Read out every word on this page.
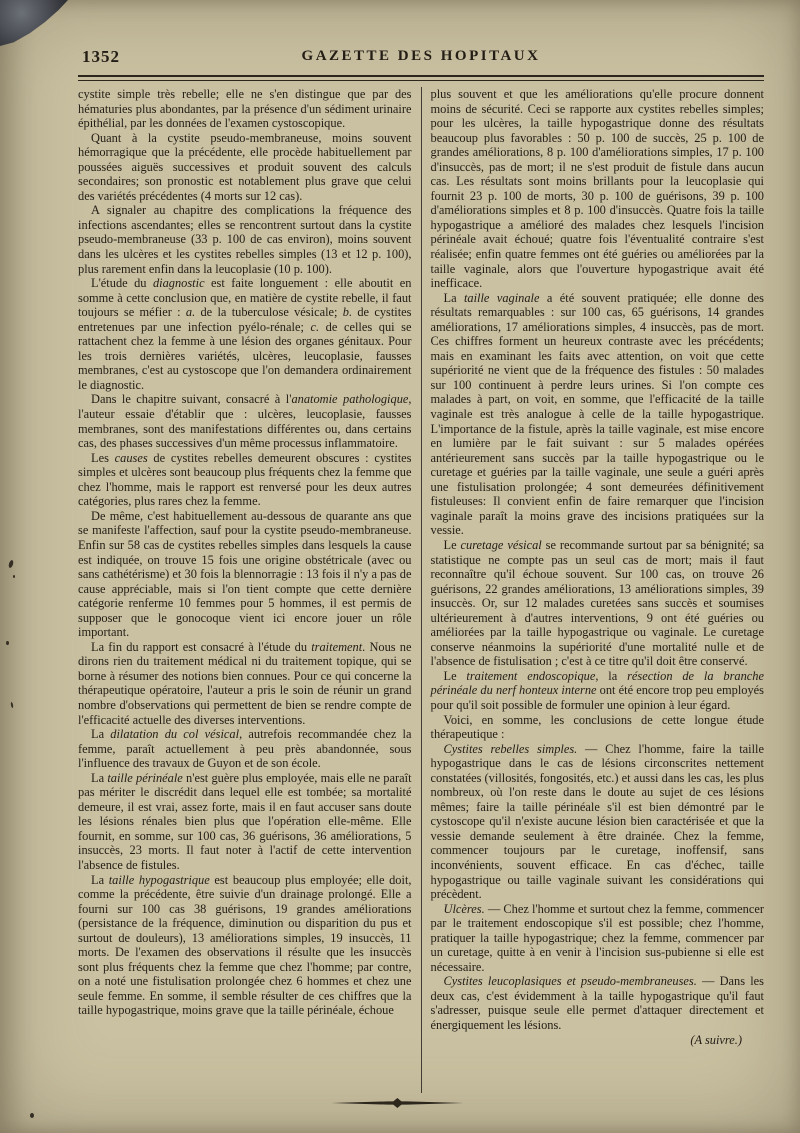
1352	GAZETTE DES HOPITAUX

cystite simple très rebelle; elle ne s'en distingue que par des hématuries plus abondantes, par la présence d'un sédiment urinaire épithélial, par les données de l'examen cystoscopique.

Quant à la cystite pseudo-membraneuse, moins souvent hémorragique que la précédente, elle procède habituellement par poussées aiguës successives et produit souvent des calculs secondaires; son pronostic est notablement plus grave que celui des variétés précédentes (4 morts sur 12 cas).

A signaler au chapitre des complications la fréquence des infections ascendantes; elles se rencontrent surtout dans la cystite pseudo-membraneuse (33 p. 100 de cas environ), moins souvent dans les ulcères et les cystites rebelles simples (13 et 12 p. 100), plus rarement enfin dans la leucoplasie (10 p. 100).

L'étude du diagnostic est faite longuement : elle aboutit en somme à cette conclusion que, en matière de cystite rebelle, il faut toujours se méfier : a. de la tuberculose vésicale; b. de cystites entretenues par une infection pyélo-rénale; c. de celles qui se rattachent chez la femme à une lésion des organes génitaux. Pour les trois dernières variétés, ulcères, leucoplasie, fausses membranes, c'est au cystoscope que l'on demandera ordinairement le diagnostic.

Dans le chapitre suivant, consacré à l'anatomie pathologique, l'auteur essaie d'établir que : ulcères, leucoplasie, fausses membranes, sont des manifestations différentes ou, dans certains cas, des phases successives d'un même processus inflammatoire.

Les causes de cystites rebelles demeurent obscures : cystites simples et ulcères sont beaucoup plus fréquents chez la femme que chez l'homme, mais le rapport est renversé pour les deux autres catégories, plus rares chez la femme.

De même, c'est habituellement au-dessous de quarante ans que se manifeste l'affection, sauf pour la cystite pseudo-membraneuse. Enfin sur 58 cas de cystites rebelles simples dans lesquels la cause est indiquée, on trouve 15 fois une origine obstétricale (avec ou sans cathétérisme) et 30 fois la blennorragie : 13 fois il n'y a pas de cause appréciable, mais si l'on tient compte que cette dernière catégorie renferme 10 femmes pour 5 hommes, il est permis de supposer que le gonocoque vient ici encore jouer un rôle important.

La fin du rapport est consacré à l'étude du traitement. Nous ne dirons rien du traitement médical ni du traitement topique, qui se borne à résumer des notions bien connues. Pour ce qui concerne la thérapeutique opératoire, l'auteur a pris le soin de réunir un grand nombre d'observations qui permettent de bien se rendre compte de l'efficacité actuelle des diverses interventions.

La dilatation du col vésical, autrefois recommandée chez la femme, paraît actuellement à peu près abandonnée, sous l'influence des travaux de Guyon et de son école.

La taille périnéale n'est guère plus employée, mais elle ne paraît pas mériter le discrédit dans lequel elle est tombée; sa mortalité demeure, il est vrai, assez forte, mais il en faut accuser sans doute les lésions rénales bien plus que l'opération elle-même. Elle fournit, en somme, sur 100 cas, 36 guérisons, 36 améliorations, 5 insuccès, 23 morts. Il faut noter à l'actif de cette intervention l'absence de fistules.

La taille hypogastrique est beaucoup plus employée; elle doit, comme la précédente, être suivie d'un drainage prolongé. Elle a fourni sur 100 cas 38 guérisons, 19 grandes améliorations (persistance de la fréquence, diminution ou disparition du pus et surtout de douleurs), 13 améliorations simples, 19 insuccès, 11 morts. De l'examen des observations il résulte que les insuccès sont plus fréquents chez la femme que chez l'homme; par contre, on a noté une fistulisation prolongée chez 6 hommes et chez une seule femme. En somme, il semble résulter de ces chiffres que la taille hypogastrique, moins grave que la taille périnéale, échoue

plus souvent et que les améliorations qu'elle procure donnent moins de sécurité. Ceci se rapporte aux cystites rebelles simples; pour les ulcères, la taille hypogastrique donne des résultats beaucoup plus favorables : 50 p. 100 de succès, 25 p. 100 de grandes améliorations, 8 p. 100 d'améliorations simples, 17 p. 100 d'insuccès, pas de mort; il ne s'est produit de fistule dans aucun cas. Les résultats sont moins brillants pour la leucoplasie qui fournit 23 p. 100 de morts, 30 p. 100 de guérisons, 39 p. 100 d'améliorations simples et 8 p. 100 d'insuccès. Quatre fois la taille hypogastrique a amélioré des malades chez lesquels l'incision périnéale avait échoué; quatre fois l'éventualité contraire s'est réalisée; enfin quatre femmes ont été guéries ou améliorées par la taille vaginale, alors que l'ouverture hypogastrique avait été inefficace.

La taille vaginale a été souvent pratiquée; elle donne des résultats remarquables : sur 100 cas, 65 guérisons, 14 grandes améliorations, 17 améliorations simples, 4 insuccès, pas de mort. Ces chiffres forment un heureux contraste avec les précédents; mais en examinant les faits avec attention, on voit que cette supériorité ne vient que de la fréquence des fistules : 50 malades sur 100 continuent à perdre leurs urines. Si l'on compte ces malades à part, on voit, en somme, que l'efficacité de la taille vaginale est très analogue à celle de la taille hypogastrique. L'importance de la fistule, après la taille vaginale, est mise encore en lumière par le fait suivant : sur 5 malades opérées antérieurement sans succès par la taille hypogastrique ou le curetage et guéries par la taille vaginale, une seule a guéri après une fistulisation prolongée; 4 sont demeurées définitivement fistuleuses: Il convient enfin de faire remarquer que l'incision vaginale paraît la moins grave des incisions pratiquées sur la vessie.

Le curetage vésical se recommande surtout par sa bénignité; sa statistique ne compte pas un seul cas de mort; mais il faut reconnaître qu'il échoue souvent. Sur 100 cas, on trouve 26 guérisons, 22 grandes améliorations, 13 améliorations simples, 39 insuccès. Or, sur 12 malades curetées sans succès et soumises ultérieurement à d'autres interventions, 9 ont été guéries ou améliorées par la taille hypogastrique ou vaginale. Le curetage conserve néanmoins la supériorité d'une mortalité nulle et de l'absence de fistulisation ; c'est à ce titre qu'il doit être conservé.

Le traitement endoscopique, la résection de la branche périnéale du nerf honteux interne ont été encore trop peu employés pour qu'il soit possible de formuler une opinion à leur égard.

Voici, en somme, les conclusions de cette longue étude thérapeutique :

Cystites rebelles simples. — Chez l'homme, faire la taille hypogastrique dans le cas de lésions circonscrites nettement constatées (villosités, fongosités, etc.) et aussi dans les cas, les plus nombreux, où l'on reste dans le doute au sujet de ces lésions mêmes; faire la taille périnéale s'il est bien démontré par le cystoscope qu'il n'existe aucune lésion bien caractérisée et que la vessie demande seulement à être drainée. Chez la femme, commencer toujours par le curetage, inoffensif, sans inconvénients, souvent efficace. En cas d'échec, taille hypogastrique ou taille vaginale suivant les considérations qui précèdent.

Ulcères. — Chez l'homme et surtout chez la femme, commencer par le traitement endoscopique s'il est possible; chez l'homme, pratiquer la taille hypogastrique; chez la femme, commencer par un curetage, quitte à en venir à l'incision sus-pubienne si elle est nécessaire.

Cystites leucoplasiques et pseudo-membraneuses. — Dans les deux cas, c'est évidemment à la taille hypogastrique qu'il faut s'adresser, puisque seule elle permet d'attaquer directement et énergiquement les lésions.

(A suivre.)
